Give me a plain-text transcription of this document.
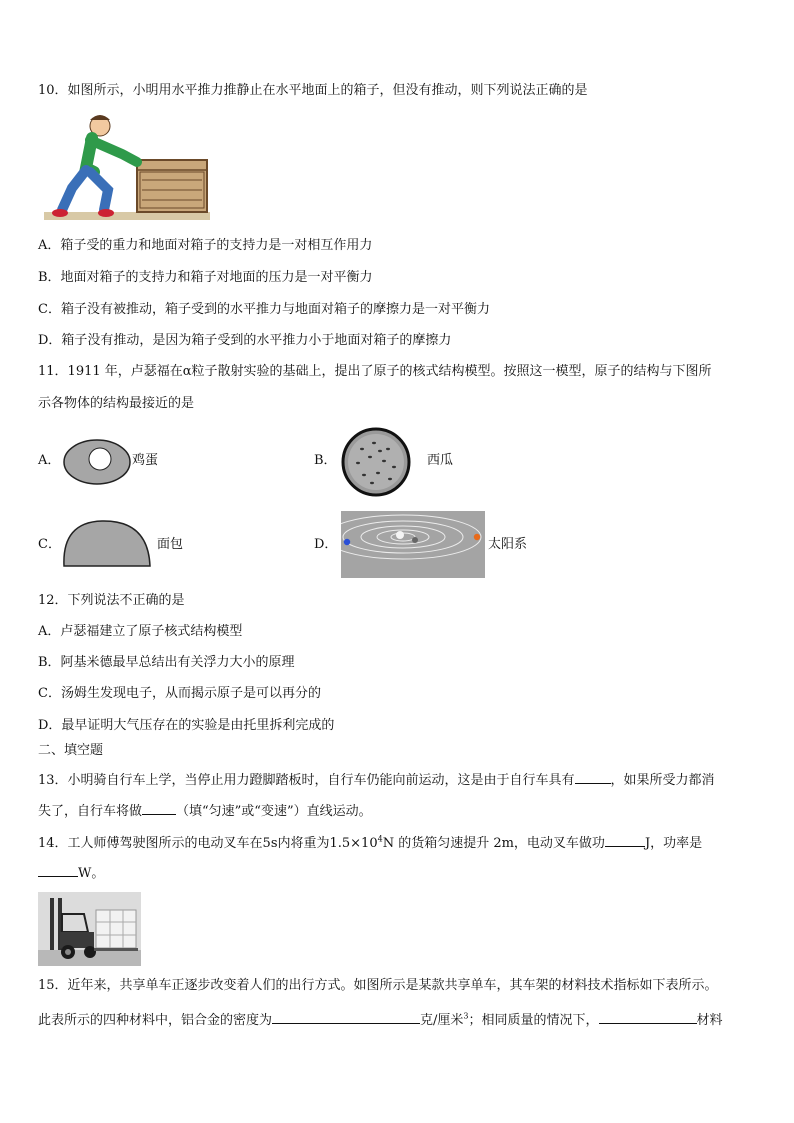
10．如图所示，小明用水平推力推静止在水平地面上的箱子，但没有推动，则下列说法正确的是
A．箱子受的重力和地面对箱子的支持力是一对相互作用力
B．地面对箱子的支持力和箱子对地面的压力是一对平衡力
C．箱子没有被推动，箱子受到的水平推力与地面对箱子的摩擦力是一对平衡力
D．箱子没有推动，是因为箱子受到的水平推力小于地面对箱子的摩擦力
11．1911 年，卢瑟福在α粒子散射实验的基础上，提出了原子的核式结构模型。按照这一模型，原子的结构与下图所
示各物体的结构最接近的是
A．	鸡蛋	B．	西瓜
C．	面包	D．	太阳系
12．下列说法不正确的是
A．卢瑟福建立了原子核式结构模型
B．阿基米德最早总结出有关浮力大小的原理
C．汤姆生发现电子，从而揭示原子是可以再分的
D．最早证明大气压存在的实验是由托里拆利完成的
二、填空题
13．小明骑自行车上学，当停止用力蹬脚踏板时，自行车仍能向前运动，这是由于自行车具有	，如果所受力都消
失了，自行车将做	（填“匀速”或“变速”）直线运动。
14．工人师傅驾驶图所示的电动叉车在5s内将重为$1.5\times 10^4N$ 的货箱匀速提升 2m，电动叉车做功	J，功率是
W。
15．近年来，共享单车正逐步改变着人们的出行方式。如图所示是某款共享单车，其车架的材料技术指标如下表所示。
此表所示的四种材料中，铝合金的密度为	克/厘米$^3$；相同质量的情况下，	材料
